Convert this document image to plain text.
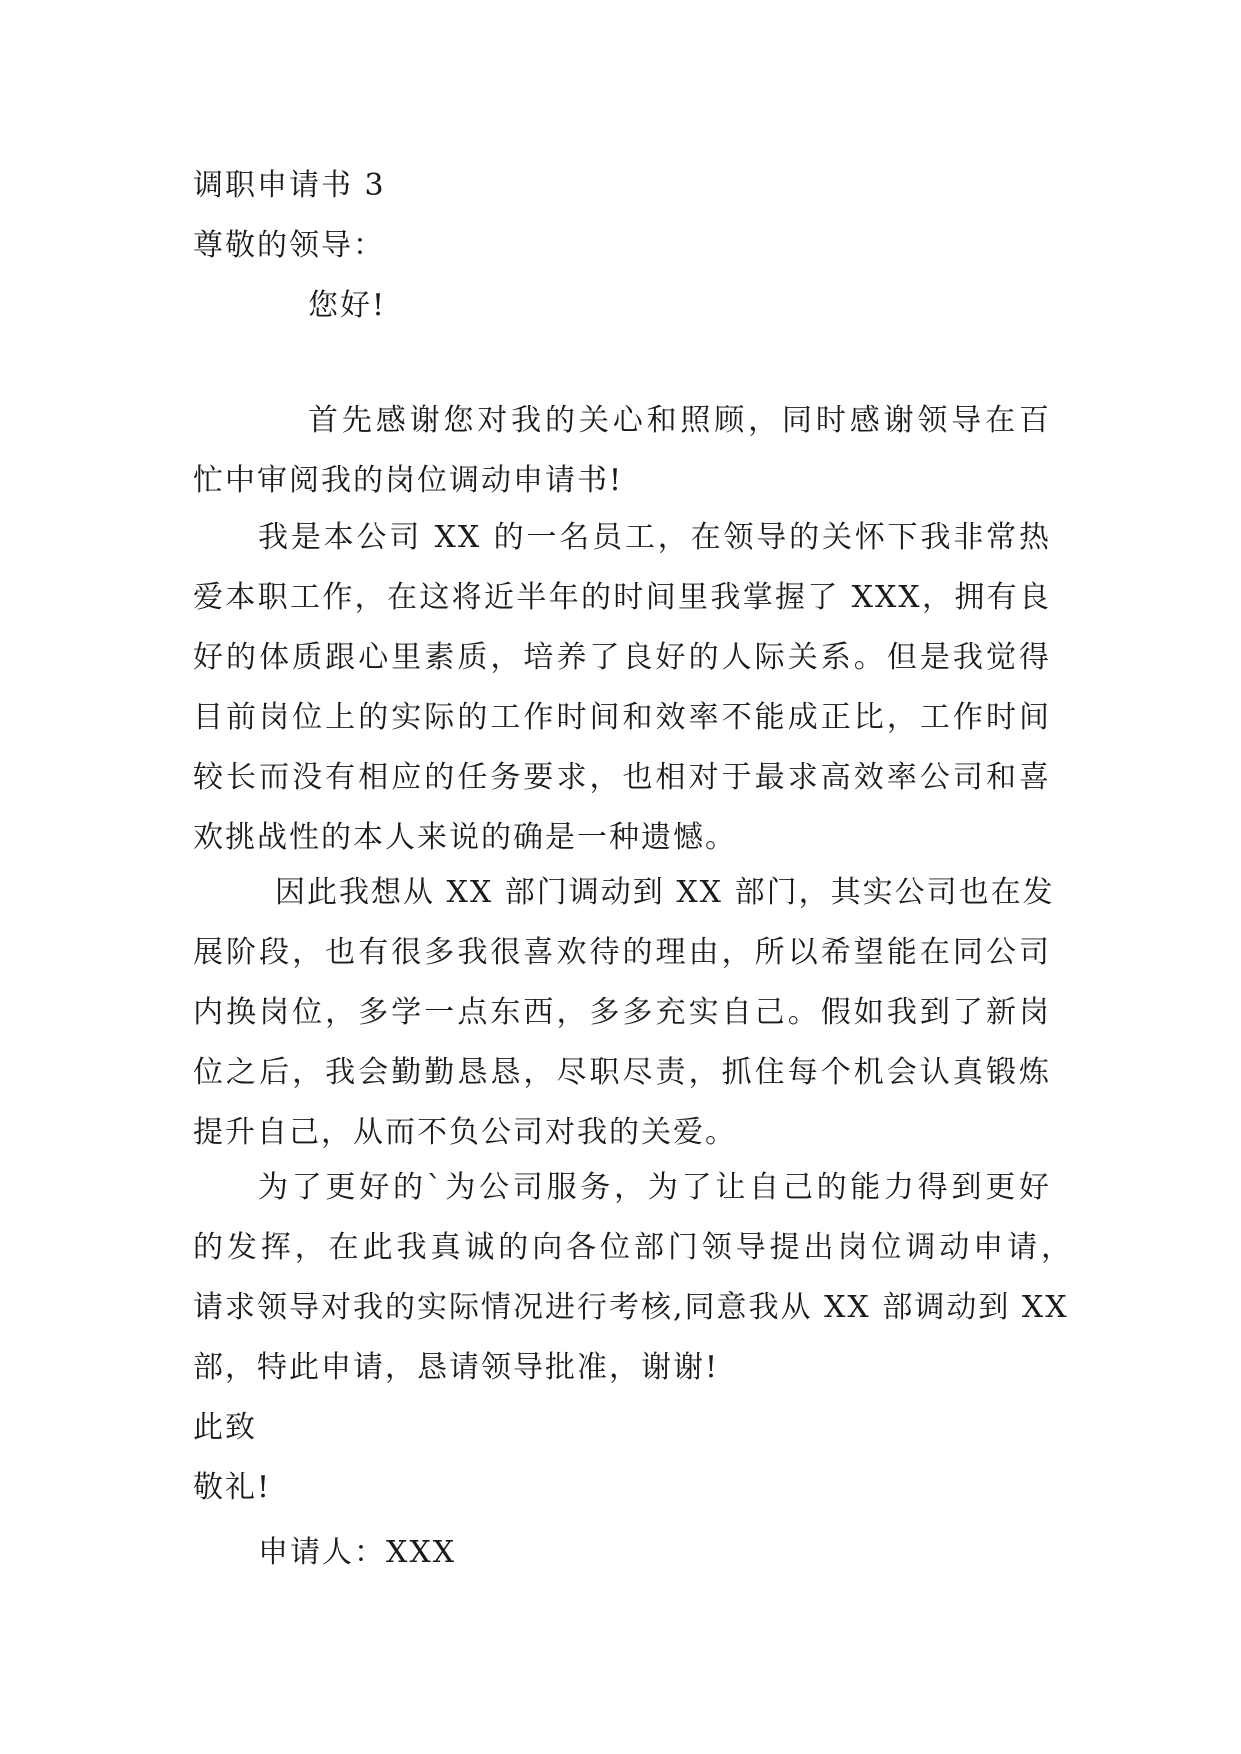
调职申请书 3
尊敬的领导：
您好!
首先感谢您对我的关心和照顾，同时感谢领导在百
忙中审阅我的岗位调动申请书!
我是本公司 XX 的一名员工，在领导的关怀下我非常热
爱本职工作，在这将近半年的时间里我掌握了 XXX，拥有良
好的体质跟心里素质，培养了良好的人际关系。但是我觉得
目前岗位上的实际的工作时间和效率不能成正比，工作时间
较长而没有相应的任务要求，也相对于最求高效率公司和喜
欢挑战性的本人来说的确是一种遗憾。
因此我想从 XX 部门调动到 XX 部门，其实公司也在发
展阶段，也有很多我很喜欢待的理由，所以希望能在同公司
内换岗位，多学一点东西，多多充实自己。假如我到了新岗
位之后，我会勤勤恳恳，尽职尽责，抓住每个机会认真锻炼
提升自己，从而不负公司对我的关爱。
为了更好的`为公司服务，为了让自己的能力得到更好
的发挥，在此我真诚的向各位部门领导提出岗位调动申请，
请求领导对我的实际情况进行考核,同意我从 XX 部调动到 XX
部，特此申请，恳请领导批准，谢谢!
此致
敬礼!
申请人：XXX
